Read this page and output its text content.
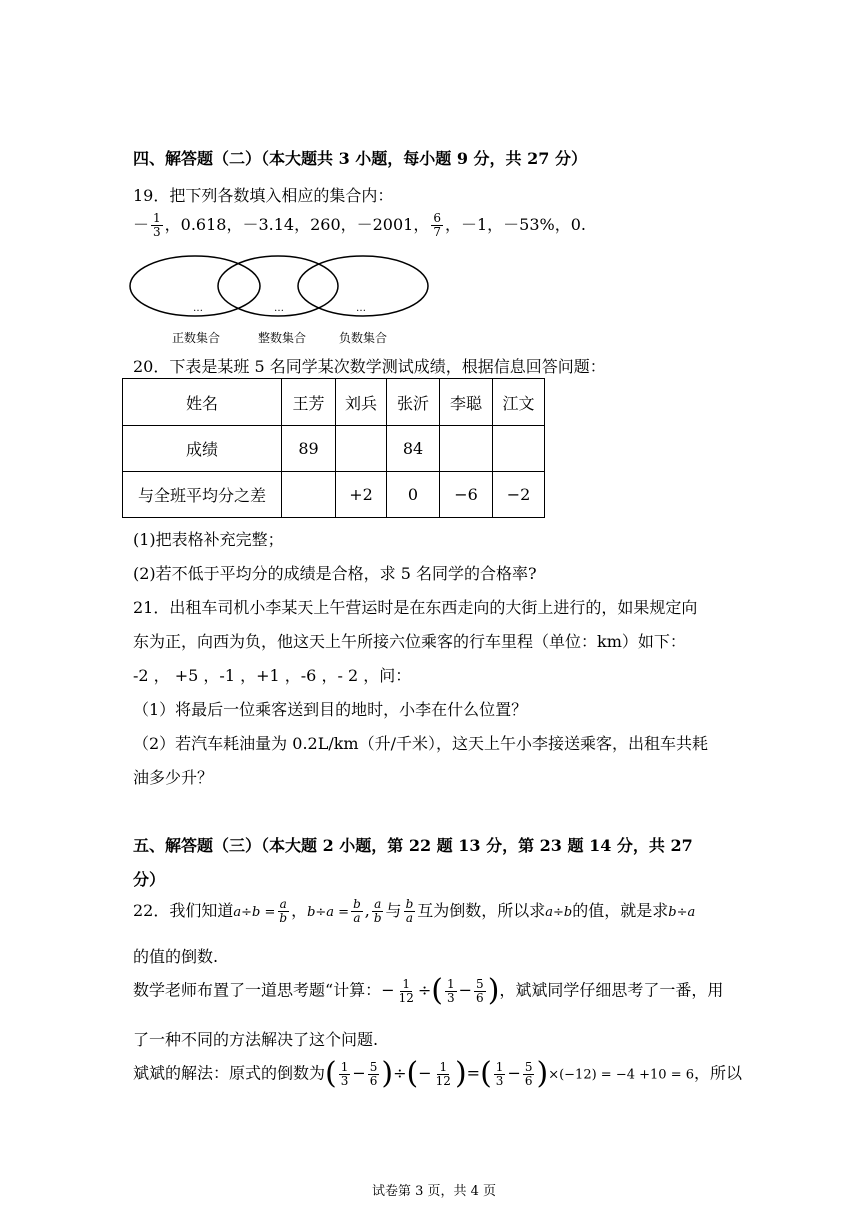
四、解答题（二）（本大题共 3 小题，每小题 9 分，共 27 分）
19．把下列各数填入相应的集合内：
－ $\frac{1}{3}$ ，0.618，－3.14，260，－2001， $\frac{6}{7}$ ，－1，－53%，0.
…	…	…
正数集合	整数集合	负数集合
20．下表是某班 5 名同学某次数学测试成绩，根据信息回答问题：
姓名	王芳	刘兵	张沂	李聪	江文
成绩	89		84		
与全班平均分之差		+2	0	−6	−2
(1)把表格补充完整；
(2)若不低于平均分的成绩是合格，求 5 名同学的合格率?
21．出租车司机小李某天上午营运时是在东西走向的大街上进行的，如果规定向
东为正，向西为负，他这天上午所接六位乘客的行车里程（单位：km）如下：
-2 ， +5 ，-1 ，+1 ，-6 ，- 2 ，问：
（1）将最后一位乘客送到目的地时，小李在什么位置？
（2）若汽车耗油量为 0.2L/km（升/千米），这天上午小李接送乘客，出租车共耗
油多少升？
五、解答题（三）（本大题 2 小题，第 22 题 13 分，第 23 题 14 分，共 27
分）
22．我们知道$a\div b = \frac{a}{b}$ ，$b\div a = \frac{b}{a}$ , $\frac{a}{b}$ 与 $\frac{b}{a}$ 互为倒数，所以求a÷b的值，就是求b÷a
的值的倒数.
数学老师布置了一道思考题“计算：− $\frac{1}{12}$ ÷( $\frac{1}{3} - \frac{5}{6}$ )，斌斌同学仔细思考了一番，用
了一种不同的方法解决了这个问题.
斌斌的解法：原式的倒数为( $\frac{1}{3} - \frac{5}{6}$ )÷(− $\frac{1}{12}$ )=( $\frac{1}{3} - \frac{5}{6} )\times(-12) = -4 +10 = 6$，所以
试卷第 3 页，共 4 页
